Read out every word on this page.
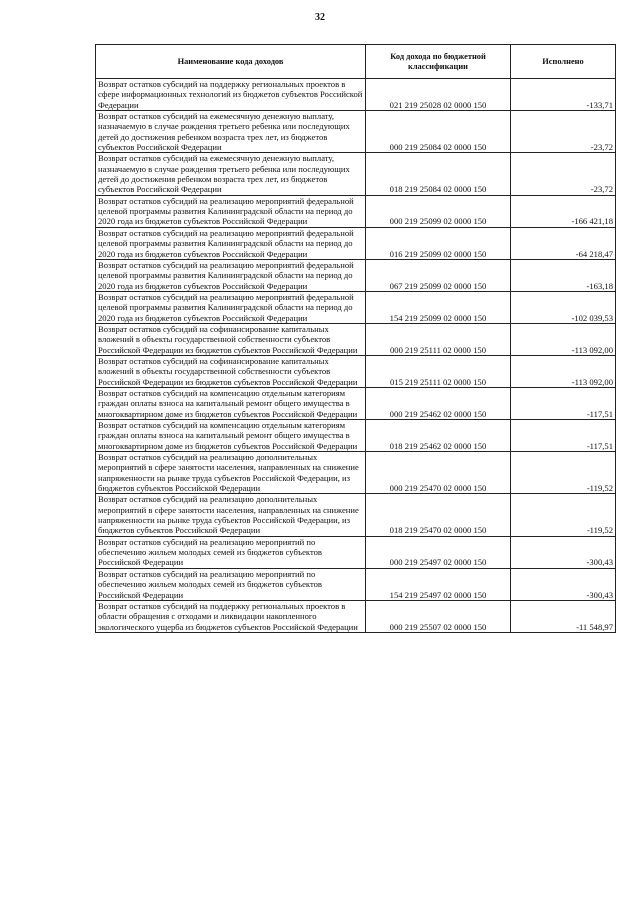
32
Наименование кода доходов	Код дохода по бюджетной классификации	Исполнено
Возврат остатков субсидий на поддержку региональных проектов в сфере информационных технологий из бюджетов субъектов Российской Федерации	021 219 25028 02 0000 150	-133,71
Возврат остатков субсидий на ежемесячную денежную выплату, назначаемую в случае рождения третьего ребенка или последующих детей до достижения ребенком возраста трех лет, из бюджетов субъектов Российской Федерации	000 219 25084 02 0000 150	-23,72
Возврат остатков субсидий на ежемесячную денежную выплату, назначаемую в случае рождения третьего ребенка или последующих детей до достижения ребенком возраста трех лет, из бюджетов субъектов Российской Федерации	018 219 25084 02 0000 150	-23,72
Возврат остатков субсидий на реализацию мероприятий федеральной целевой программы развития Калининградской области на период до 2020 года из бюджетов субъектов Российской Федерации	000 219 25099 02 0000 150	-166 421,18
Возврат остатков субсидий на реализацию мероприятий федеральной целевой программы развития Калининградской области на период до 2020 года из бюджетов субъектов Российской Федерации	016 219 25099 02 0000 150	-64 218,47
Возврат остатков субсидий на реализацию мероприятий федеральной целевой программы развития Калининградской области на период до 2020 года из бюджетов субъектов Российской Федерации	067 219 25099 02 0000 150	-163,18
Возврат остатков субсидий на реализацию мероприятий федеральной целевой программы развития Калининградской области на период до 2020 года из бюджетов субъектов Российской Федерации	154 219 25099 02 0000 150	-102 039,53
Возврат остатков субсидий на софинансирование капитальных вложений в объекты государственной собственности субъектов Российской Федерации из бюджетов субъектов Российской Федерации	000 219 25111 02 0000 150	-113 092,00
Возврат остатков субсидий на софинансирование капитальных вложений в объекты государственной собственности субъектов Российской Федерации из бюджетов субъектов Российской Федерации	015 219 25111 02 0000 150	-113 092,00
Возврат остатков субсидий на компенсацию отдельным категориям граждан оплаты взноса на капитальный ремонт общего имущества в многоквартирном доме из бюджетов субъектов Российской Федерации	000 219 25462 02 0000 150	-117,51
Возврат остатков субсидий на компенсацию отдельным категориям граждан оплаты взноса на капитальный ремонт общего имущества в многоквартирном доме из бюджетов субъектов Российской Федерации	018 219 25462 02 0000 150	-117,51
Возврат остатков субсидий на реализацию дополнительных мероприятий в сфере занятости населения, направленных на снижение напряженности на рынке труда субъектов Российской Федерации, из бюджетов субъектов Российской Федерации	000 219 25470 02 0000 150	-119,52
Возврат остатков субсидий на реализацию дополнительных мероприятий в сфере занятости населения, направленных на снижение напряженности на рынке труда субъектов Российской Федерации, из бюджетов субъектов Российской Федерации	018 219 25470 02 0000 150	-119,52
Возврат остатков субсидий на реализацию мероприятий по обеспечению жильем молодых семей из бюджетов субъектов Российской Федерации	000 219 25497 02 0000 150	-300,43
Возврат остатков субсидий на реализацию мероприятий по обеспечению жильем молодых семей из бюджетов субъектов Российской Федерации	154 219 25497 02 0000 150	-300,43
Возврат остатков субсидий на поддержку региональных проектов в области обращения с отходами и ликвидации накопленного экологического ущерба из бюджетов субъектов Российской Федерации	000 219 25507 02 0000 150	-11 548,97
